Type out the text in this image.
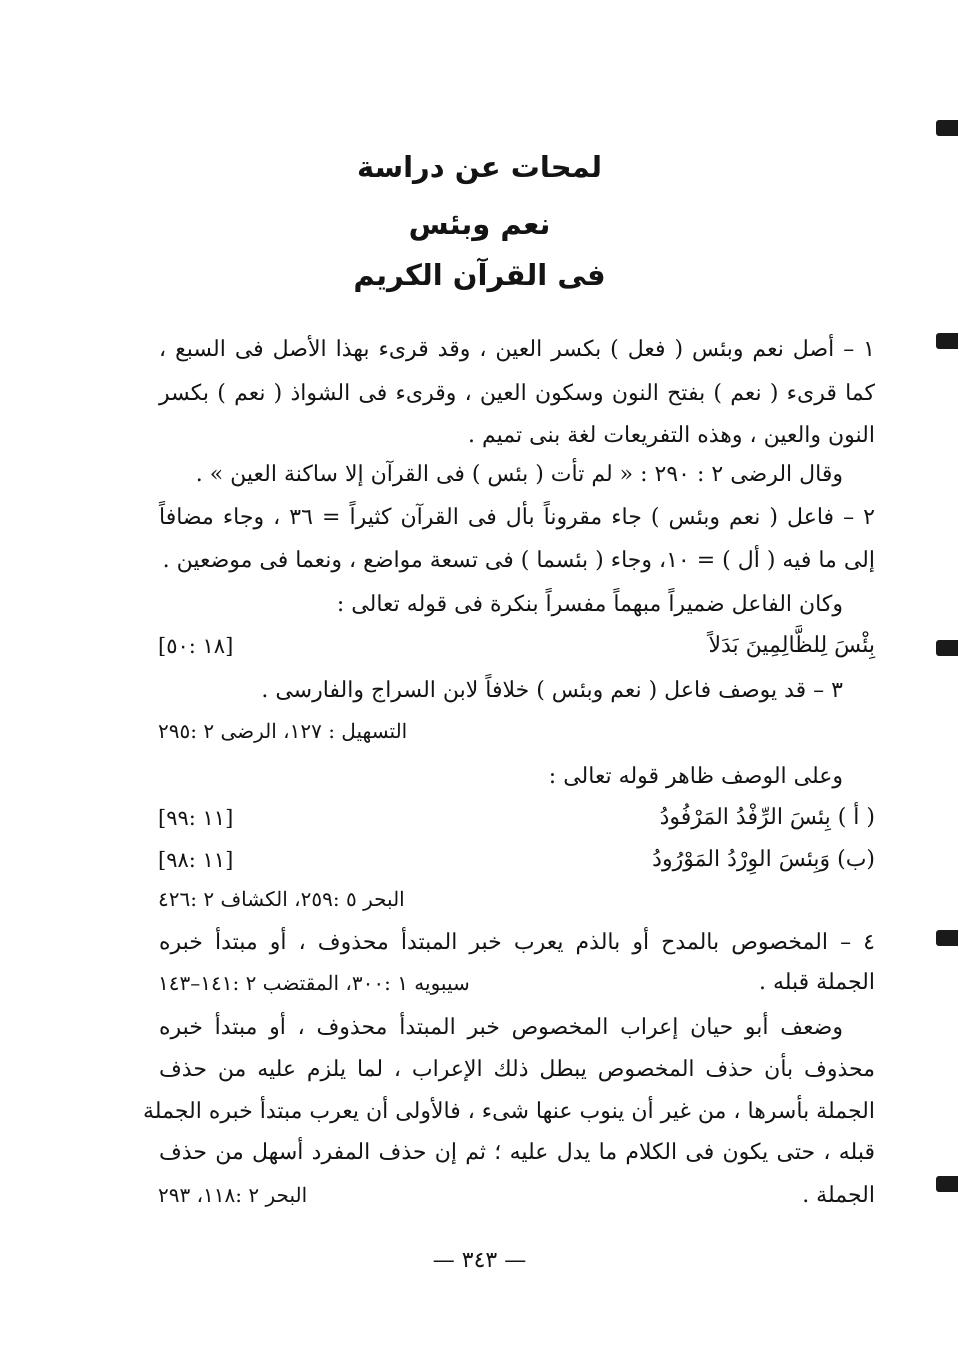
لمحات عن دراسة
نعم وبئس
فى القرآن الكريم
١ – أصل نعم وبئس ( فعل ) بكسر العين ، وقد قرىء بهذا الأصل فى السبع ،
كما قرىء ( نعم ) بفتح النون وسكون العين ، وقرىء فى الشواذ ( نعم ) بكسر
النون والعين ، وهذه التفريعات لغة بنى تميم .
وقال الرضى ٢ : ٢٩٠ : « لم تأت ( بئس ) فى القرآن إلا ساكنة العين » .
٢ – فاعل ( نعم وبئس ) جاء مقروناً بأل فى القرآن كثيراً = ٣٦ ، وجاء مضافاً
إلى ما فيه ( أل ) = ١٠، وجاء ( بئسما ) فى تسعة مواضع ، ونعما فى موضعين .
وكان الفاعل ضميراً مبهماً مفسراً بنكرة فى قوله تعالى :
بِئْسَ لِلظَّالِمِينَ بَدَلاً
[١٨ :٥٠]
٣ – قد يوصف فاعل ( نعم وبئس ) خلافاً لابن السراج والفارسى .
التسهيل : ١٢٧، الرضى ٢ :٢٩٥
وعلى الوصف ظاهر قوله تعالى :
( أ ) بِئسَ الرِّفْدُ المَرْفُودُ
[١١ :٩٩]
(ب) وَبِئسَ الوِرْدُ المَوْرُودُ
[١١ :٩٨]
البحر ٥ :٢٥٩، الكشاف ٢ :٤٢٦
٤ – المخصوص بالمدح أو بالذم يعرب خبر المبتدأ محذوف ، أو مبتدأ خبره
الجملة قبله .
سيبويه ١ :٣٠٠، المقتضب ٢ :١٤١–١٤٣
وضعف أبو حيان إعراب المخصوص خبر المبتدأ محذوف ، أو مبتدأ خبره
محذوف بأن حذف المخصوص يبطل ذلك الإعراب ، لما يلزم عليه من حذف
الجملة بأسرها ، من غير أن ينوب عنها شىء ، فالأولى أن يعرب مبتدأ خبره الجملة
قبله ، حتى يكون فى الكلام ما يدل عليه ؛ ثم إن حذف المفرد أسهل من حذف
الجملة .
البحر ٢ :١١٨، ٢٩٣
— ٣٤٣ —
